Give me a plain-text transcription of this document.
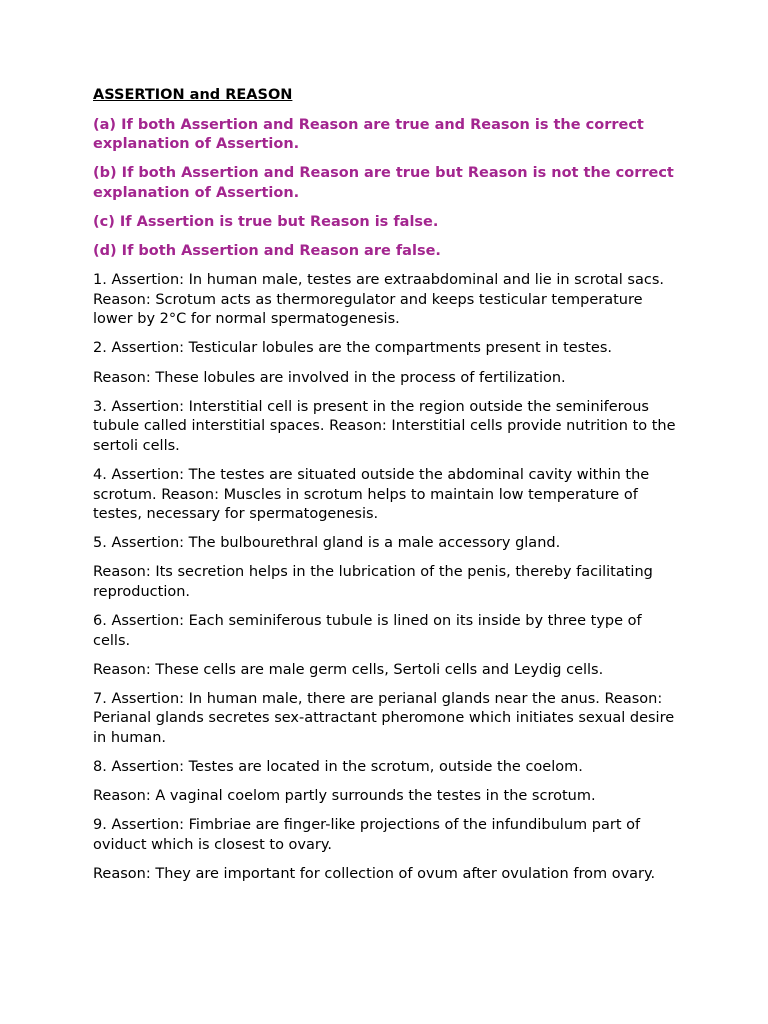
ASSERTION and REASON

(a) If both Assertion and Reason are true and Reason is the correct explanation of Assertion.

(b) If both Assertion and Reason are true but Reason is not the correct explanation of Assertion.

(c) If Assertion is true but Reason is false.

(d) If both Assertion and Reason are false.

1. Assertion: In human male, testes are extraabdominal and lie in scrotal sacs. Reason: Scrotum acts as thermoregulator and keeps testicular temperature lower by 2°C for normal spermatogenesis.

2. Assertion: Testicular lobules are the compartments present in testes.

Reason: These lobules are involved in the process of fertilization.

3. Assertion: Interstitial cell is present in the region outside the seminiferous tubule called interstitial spaces. Reason: Interstitial cells provide nutrition to the sertoli cells.

4. Assertion: The testes are situated outside the abdominal cavity within the scrotum. Reason: Muscles in scrotum helps to maintain low temperature of testes, necessary for spermatogenesis.

5. Assertion: The bulbourethral gland is a male accessory gland.

Reason: Its secretion helps in the lubrication of the penis, thereby facilitating reproduction.

6. Assertion: Each seminiferous tubule is lined on its inside by three type of cells.

Reason: These cells are male germ cells, Sertoli cells and Leydig cells.

7. Assertion: In human male, there are perianal glands near the anus. Reason: Perianal glands secretes sex-attractant pheromone which initiates sexual desire in human.

8. Assertion: Testes are located in the scrotum, outside the coelom.

Reason: A vaginal coelom partly surrounds the testes in the scrotum.

9. Assertion: Fimbriae are finger-like projections of the infundibulum part of oviduct which is closest to ovary.

Reason: They are important for collection of ovum after ovulation from ovary.
